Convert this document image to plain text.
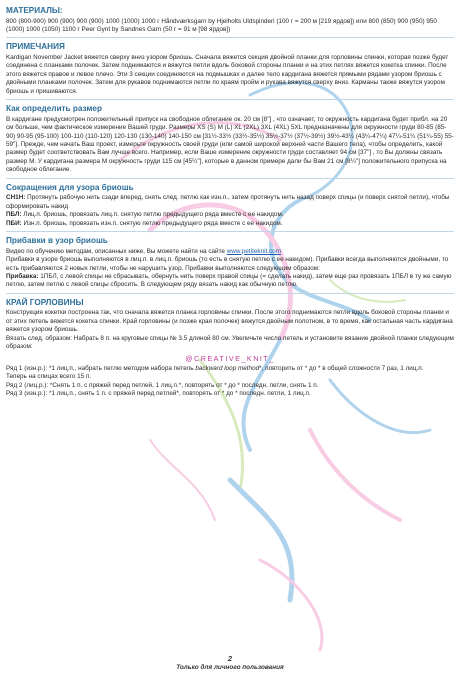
МАТЕРИАЛЫ:

800 (800-900) 900 (900) 900 (900) 1000 (1000) 1000 г Håndværksgarn by Hjelholts Uldspinderi (100 г = 200 м [219 ярдов]) или 800 (850) 900 (950) 950 (1000) 1000 (1050) 1100 г Peer Gynt by Sandnes Garn (50 г = 91 м [98 ярдов])

ПРИМЕЧАНИЯ

Kardigan November Jacket вяжется сверху вниз узором бриошь. Сначала вяжется секция двойной планки для горловины спинки, которая позже будет соединена с планками полочек. Затем поднимаются и вяжутся петли вдоль боковой стороны планки и на этих петлях вяжется кокетка спинки. После этого вяжется правое и левое плечо. Эти 3 секции соединяются на подмышках и далее тело кардигана вяжется прямыми рядами узором бриошь с двойными планками полочек. Затем для рукавов поднимаются петли по краям пройм и рукава вяжутся сверху вниз. Карманы также вяжутся узором бриошь и пришиваются.

Как определить размер

В кардигане предусмотрен положительный припуск на свободное облегание ок. 20 см [8"] , что означает, то окружность кардигана будет прибл. на 20 см больше, чем фактическое измерение Вашей груди. Размеры XS (S) M (L) XL (2XL) 3XL (4XL) 5XL предназначены для окружности груди 80-85 (85-90) 90-95 (95-100) 100-110 (110-120) 120-130 (130-140) 140-150 см [31½-33½ (33½-35½) 35½-37½ (37½-39½) 39½-43¼ (43¼-47¼) 47¼-51¼ (51¼-55) 55-59"]. Прежде, чем начать Ваш проект, измерьте окружность своей груди (или самой широкой верхней части Вашего тела), чтобы определить, какой размер будет соответствовать Вам лучше всего. Например, если Ваше измерение окружности груди составляет 94 см [37"] , то Вы должны связать размер M. У кардигана размера M окружность груди 115 см [45¼"], которые в данном примере дали бы Вам 21 см [8¼"] положительного припуска на свободное облегание.

Сокращения для узора бриошь

СН1Н: Протянуть рабочую нить сзади вперед, снять след. петлю как изн.п., затем протянуть нить назад поверх спицы (и поверх снятой петли), чтобы сформировать накид

ПБЛ: Лиц.п. бриошь, провязать лиц.п. снятую петлю предыдущего ряда вместе с ее накидом.

ПБИ: Изн.п. бриошь, провязать изн.п. снятую петлю предыдущего ряда вместе с ее накидом.

Прибавки в узор бриошь

Видео по обучению методам, описанных ниже, Вы можете найти на сайте www.petiteknit.com

Прибавки в узоре бриошь выполняются в лиц.п. в лиц.п. бриошь (то есть в снятую петлю с ее накидом). Прибавки всегда выполняются двойными, то есть прибавляются 2 новых петли, чтобы не нарушить узор. Прибавки выполняются следующим образом:

Прибавка: 1ПБЛ, с левой спицы не сбрасывать, обернуть нить поверх правой спицы (= сделать накид), затем еще раз провязать 1ПБЛ в ту же самую петлю, затем петлю с левой спицы сбросить. В следующем ряду вязать накид как обычную петлю.

КРАЙ ГОРЛОВИНЫ

Конструкция кокетки построена так, что сначала вяжется планка горловины спинки. После этого поднимаются петли вдоль боковой стороны планки и от этих петель вяжется кокетка спинки. Край горловины (и позже края полочек) вяжутся двойным полотном, в то время, как остальная часть кардигана вяжется узором бриошь.

Вязать след. образом: Набрать 8 п. на круговые спицы № 3.5 длиной 80 см. Увеличьте число петель и установите вязание двойной планки следующим образом:

@CREATIVE_KNIT_

Ряд 1 (изн.р.): *1 лиц.п., набрать петлю методом набора петель backward loop method*, повторить от * до * в общей сложности 7 раз, 1 лиц.п.

Теперь на спицах всего 15 п.

Ряд 2 (лиц.р.): *Снять 1 п. с пряжей перед петлей, 1 лиц.п.*, повторять от * до * последн. петли, снять 1 п.

Ряд 3 (изн.р.): *1 лиц.п., снять 1 п. с пряжей перед петлей*, повторять от * до * последн. петли, 1 лиц.п.

2
Только для личного пользования
